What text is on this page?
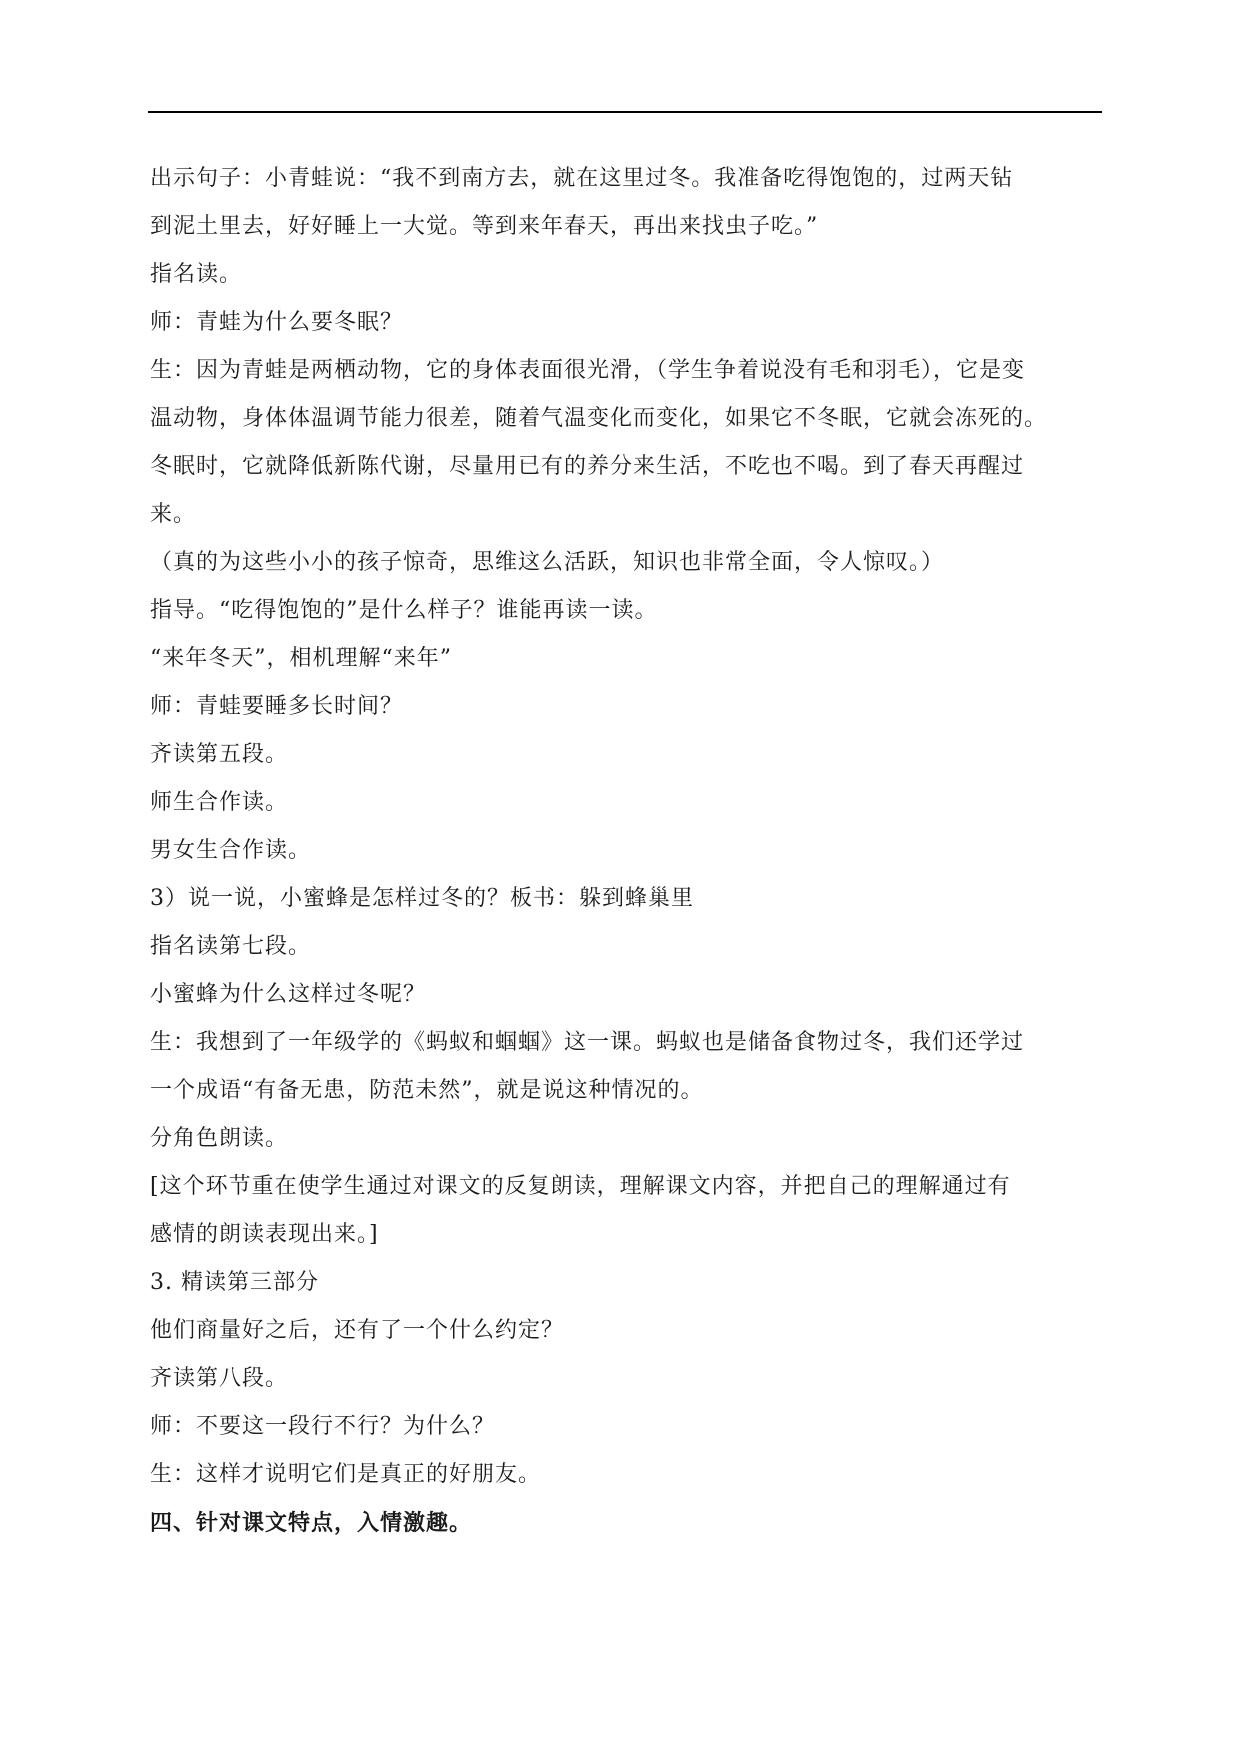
出示句子：小青蛙说：“我不到南方去，就在这里过冬。我准备吃得饱饱的，过两天钻
到泥土里去，好好睡上一大觉。等到来年春天，再出来找虫子吃。”
指名读。
师：青蛙为什么要冬眠？
生：因为青蛙是两栖动物，它的身体表面很光滑，（学生争着说没有毛和羽毛），它是变
温动物，身体体温调节能力很差，随着气温变化而变化，如果它不冬眠，它就会冻死的。
冬眠时，它就降低新陈代谢，尽量用已有的养分来生活，不吃也不喝。到了春天再醒过
来。
（真的为这些小小的孩子惊奇，思维这么活跃，知识也非常全面，令人惊叹。）
指导。“吃得饱饱的”是什么样子？谁能再读一读。
“来年冬天”，相机理解“来年”
师：青蛙要睡多长时间？
齐读第五段。
师生合作读。
男女生合作读。
3）说一说，小蜜蜂是怎样过冬的？板书：躲到蜂巢里
指名读第七段。
小蜜蜂为什么这样过冬呢？
生：我想到了一年级学的《蚂蚁和蝈蝈》这一课。蚂蚁也是储备食物过冬，我们还学过
一个成语“有备无患，防范未然”，就是说这种情况的。
分角色朗读。
[这个环节重在使学生通过对课文的反复朗读，理解课文内容，并把自己的理解通过有
感情的朗读表现出来。]
3. 精读第三部分
他们商量好之后，还有了一个什么约定？
齐读第八段。
师：不要这一段行不行？为什么？
生：这样才说明它们是真正的好朋友。
四、针对课文特点，入情激趣。
